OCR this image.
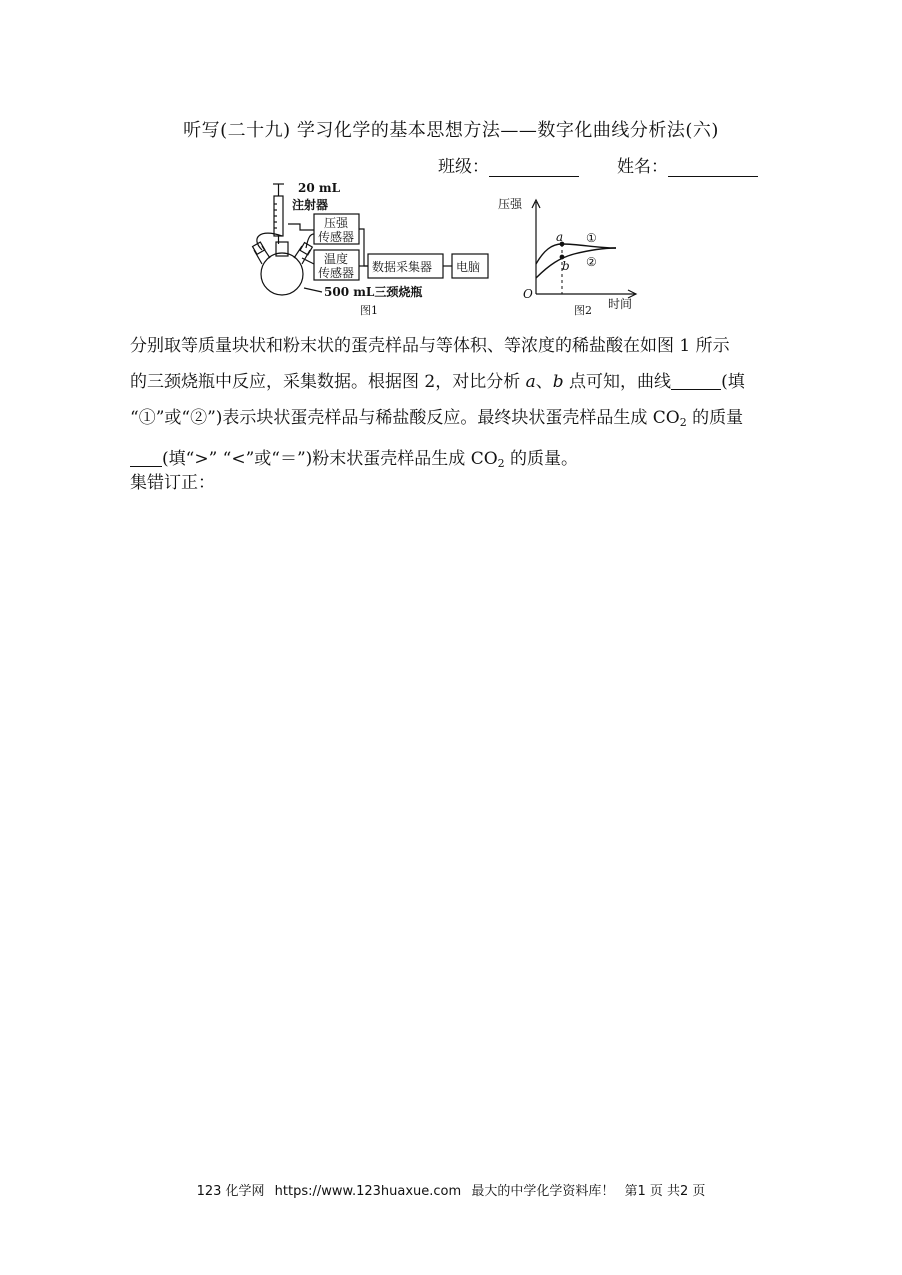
听写(二十九) 学习化学的基本思想方法——数字化曲线分析法(六)
班级：	姓名：
20 mL
注射器
压强
传感器
温度
传感器 数据采集器 电脑
500 mL三颈烧瓶
图1
压强
时间
O
a
b
①
②
图2
分别取等质量块状和粉末状的蛋壳样品与等体积、等浓度的稀盐酸在如图 1 所示
的三颈烧瓶中反应，采集数据。根据图 2，对比分析 a、b 点可知，曲线	(填
“①”或“②”)表示块状蛋壳样品与稀盐酸反应。最终块状蛋壳样品生成 $CO_2$ 的质量
(填“>” “<”或“＝”)粉末状蛋壳样品生成 $CO_2$ 的质量。
集错订正：
123 化学网 https://www.123huaxue.com 最大的中学化学资料库！ 第1 页 共2 页
